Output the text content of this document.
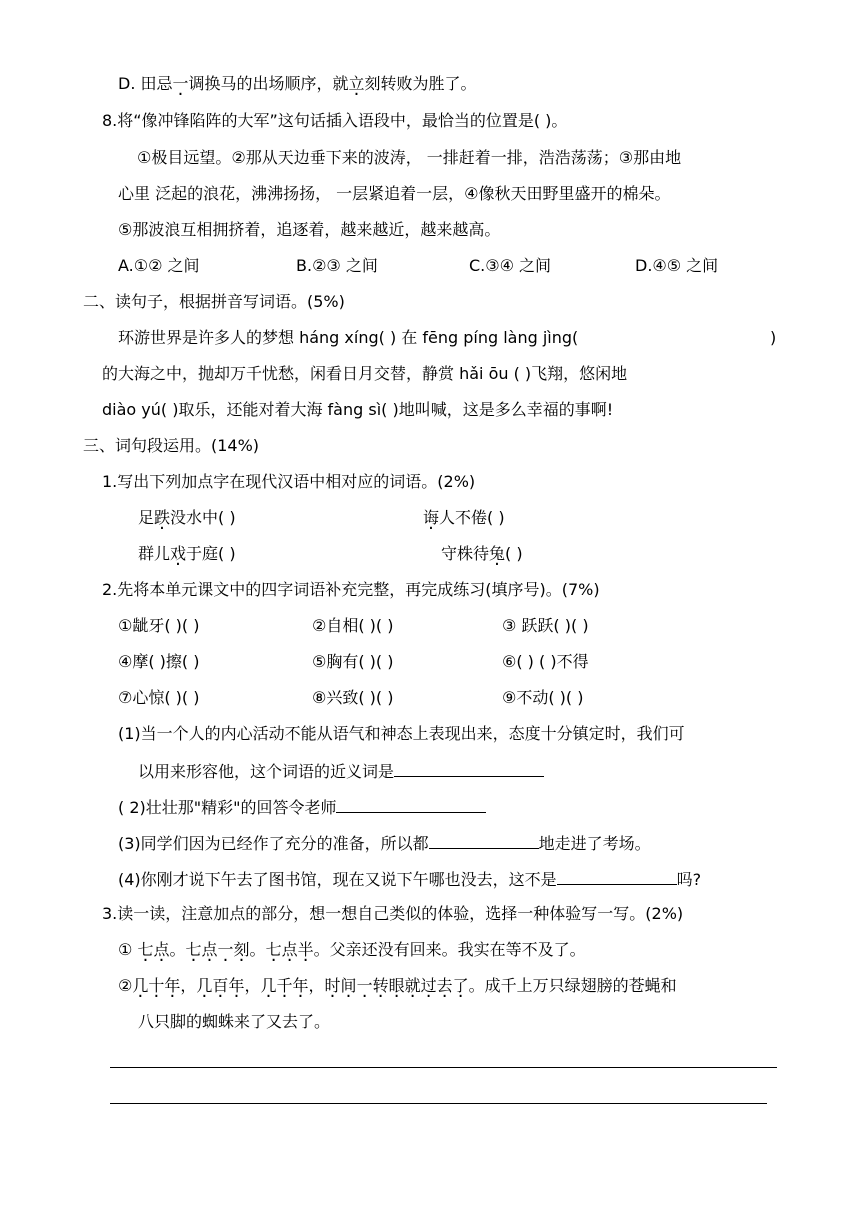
D. 田忌一调换马的出场顺序，就立刻转败为胜了。
8.将“像冲锋陷阵的大军”这句话插入语段中，最恰当的位置是( )。
①极目远望。②那从天边垂下来的波涛， 一排赶着一排，浩浩荡荡；③那由地
心里 泛起的浪花，沸沸扬扬， 一层紧追着一层，④像秋天田野里盛开的棉朵。
⑤那波浪互相拥挤着，追逐着，越来越近，越来越高。
A.①② 之间	B.②③ 之间	C.③④ 之间	D.④⑤ 之间
二、读句子，根据拼音写词语。(5%)
环游世界是许多人的梦想 háng xíng( ) 在 fēng píng làng jìng(	)
的大海之中，抛却万千忧愁，闲看日月交替，静赏 hǎi ōu ( )飞翔，悠闲地
diào yú( )取乐，还能对着大海 fàng sì( )地叫喊，这是多么幸福的事啊!
三、词句段运用。(14%)
1.写出下列加点字在现代汉语中相对应的词语。(2%)
足跌没水中( )	诲人不倦( )
群儿戏于庭( )	守株待兔( )
2.先将本单元课文中的四字词语补充完整，再完成练习(填序号)。(7%)
①龇牙( )( )	②自相( )( )	③ 跃跃( )( )
④摩( )擦( )	⑤胸有( )( )	⑥( ) ( )不得
⑦心惊( )( )	⑧兴致( )( )	⑨不动( )( )
(1)当一个人的内心活动不能从语气和神态上表现出来，态度十分镇定时，我们可
以用来形容他，这个词语的近义词是
( 2)壮壮那"精彩"的回答令老师
(3)同学们因为已经作了充分的准备，所以都	地走进了考场。
(4)你刚才说下午去了图书馆，现在又说下午哪也没去，这不是	吗?
3.读一读，注意加点的部分，想一想自己类似的体验，选择一种体验写一写。(2%)
① 七点。七点一刻。七点半。父亲还没有回来。我实在等不及了。
②几十年，几百年，几千年，时间一转眼就过去了。成千上万只绿翅膀的苍蝇和
八只脚的蜘蛛来了又去了。
